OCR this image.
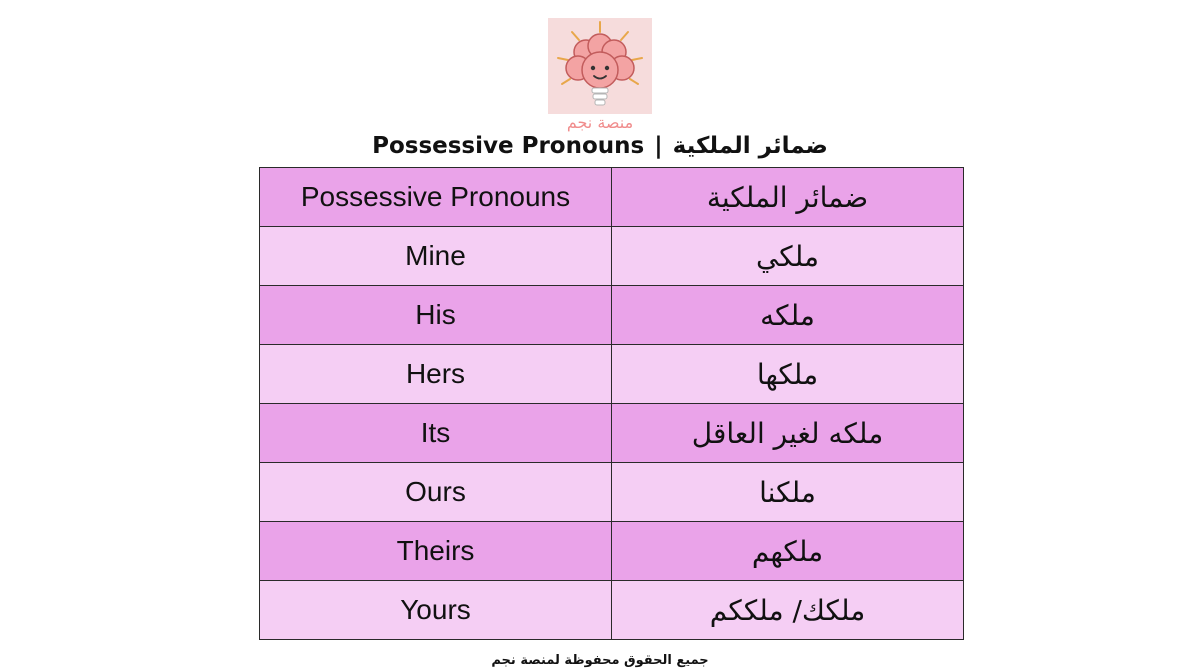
منصة نجم
Possessive Pronouns | ضمائر الملكية
Possessive Pronouns	ضمائر الملكية
Mine	ملكي
His	ملكه
Hers	ملكها
Its	ملكه لغير العاقل
Ours	ملكنا
Theirs	ملكهم
Yours	ملكك/ ملككم
جميع الحقوق محفوظة لمنصة نجم
